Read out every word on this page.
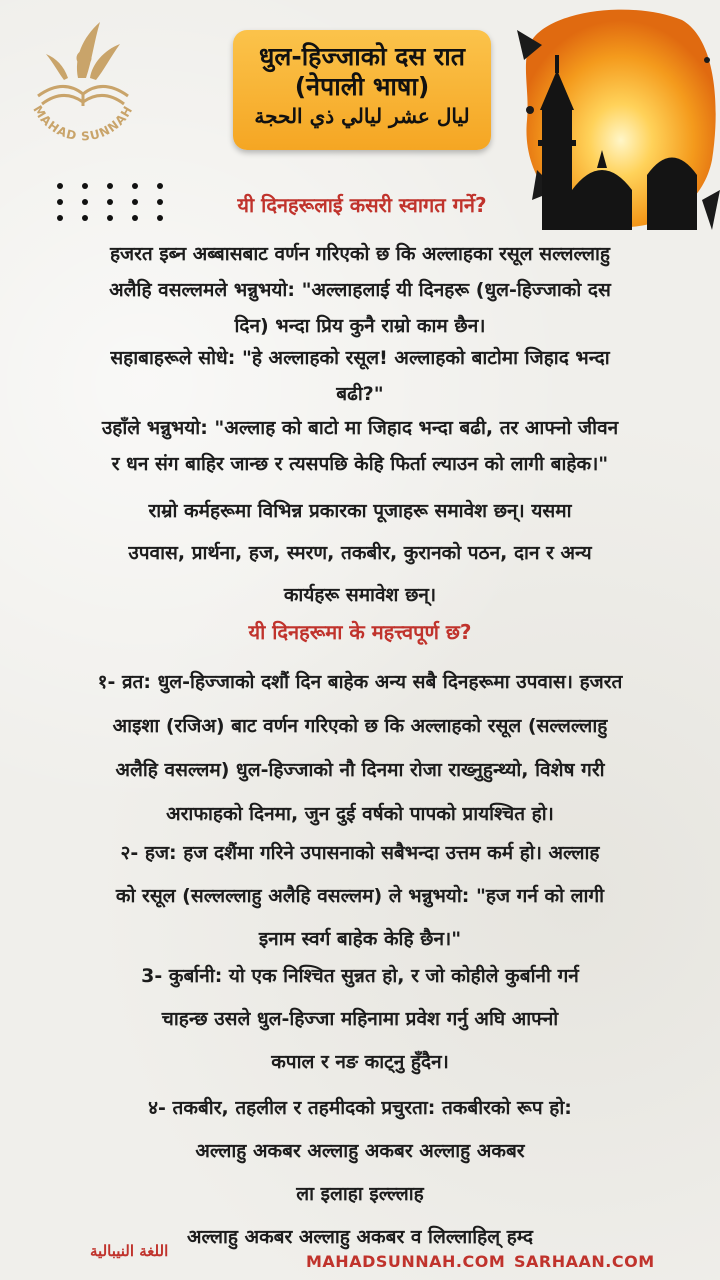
MAHAD SUNNAH
धुल-हिज्जाको दस रात
(नेपाली भाषा)
ليال عشر ليالي ذي الحجة
यी दिनहरूलाई कसरी स्वागत गर्ने?
हजरत इब्न अब्बासबाट वर्णन गरिएको छ कि अल्लाहका रसूल सल्लल्लाहु
अलैहि वसल्लमले भन्नुभयो: "अल्लाहलाई यी दिनहरू (धुल-हिज्जाको दस
दिन) भन्दा प्रिय कुनै राम्रो काम छैन।
सहाबाहरूले सोधे: "हे अल्लाहको रसूल! अल्लाहको बाटोमा जिहाद भन्दा
बढी?"
उहाँले भन्नुभयो: "अल्लाह को बाटो मा जिहाद भन्दा बढी, तर आफ्नो जीवन
र धन संग बाहिर जान्छ र त्यसपछि केहि फिर्ता ल्याउन को लागी बाहेक।"
राम्रो कर्महरूमा विभिन्न प्रकारका पूजाहरू समावेश छन्। यसमा
उपवास, प्रार्थना, हज, स्मरण, तकबीर, कुरानको पठन, दान र अन्य
कार्यहरू समावेश छन्।
यी दिनहरूमा के महत्त्वपूर्ण छ?
१- व्रत: धुल-हिज्जाको दशौं दिन बाहेक अन्य सबै दिनहरूमा उपवास। हजरत
आइशा (रजिअ) बाट वर्णन गरिएको छ कि अल्लाहको रसूल (सल्लल्लाहु
अलैहि वसल्लम) धुल-हिज्जाको नौ दिनमा रोजा राख्नुहुन्थ्यो, विशेष गरी
अराफाहको दिनमा, जुन दुई वर्षको पापको प्रायश्चित हो।
२- हज: हज दशैंमा गरिने उपासनाको सबैभन्दा उत्तम कर्म हो। अल्लाह
को रसूल (सल्लल्लाहु अलैहि वसल्लम) ले भन्नुभयो: "हज गर्न को लागी
इनाम स्वर्ग बाहेक केहि छैन।"
3- कुर्बानी: यो एक निश्चित सुन्नत हो, र जो कोहीले कुर्बानी गर्न
चाहन्छ उसले धुल-हिज्जा महिनामा प्रवेश गर्नु अघि आफ्नो
कपाल र नङ काट्नु हुँदैन।
४- तकबीर, तहलील र तहमीदको प्रचुरता: तकबीरको रूप हो:
अल्लाहु अकबर अल्लाहु अकबर अल्लाहु अकबर
ला इलाहा इल्ल्लाह
अल्लाहु अकबर अल्लाहु अकबर व लिल्लाहिल् हम्द
اللغة النيبالية
MAHADSUNNAH.COM SARHAAN.COM
